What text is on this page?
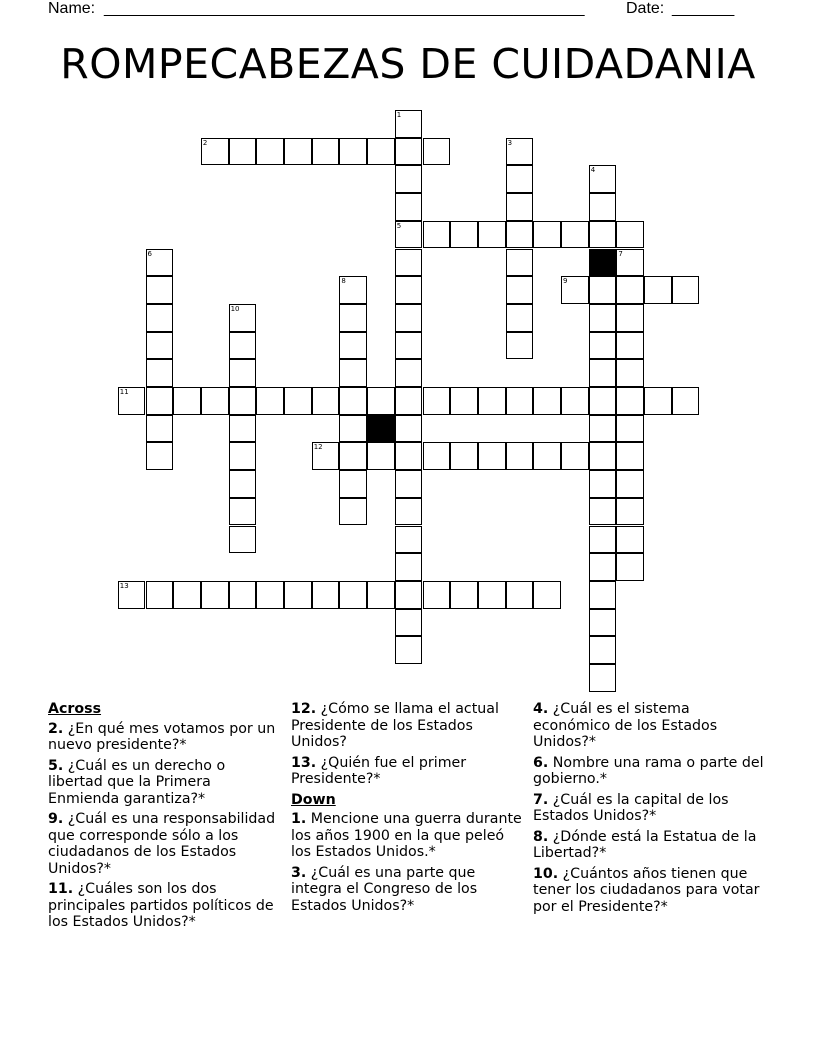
Name: ______________________________________________________	Date: _______
ROMPECABEZAS DE CUIDADANIA
1
5
2	3
4
6	7
8	9
10
11
12
13

Across

2. ¿En qué mes votamos por un nuevo presidente?*

5. ¿Cuál es un derecho o libertad que la Primera Enmienda garantiza?*

9. ¿Cuál es una responsabilidad que corresponde sólo a los ciudadanos de los Estados Unidos?*

11. ¿Cuáles son los dos principales partidos políticos de los Estados Unidos?*

12. ¿Cómo se llama el actual Presidente de los Estados Unidos?

13. ¿Quién fue el primer Presidente?*

Down

1. Mencione una guerra durante los años 1900 en la que peleó los Estados Unidos.*

3. ¿Cuál es una parte que integra el Congreso de los Estados Unidos?*

4. ¿Cuál es el sistema económico de los Estados Unidos?*

6. Nombre una rama o parte del gobierno.*

7. ¿Cuál es la capital de los Estados Unidos?*

8. ¿Dónde está la Estatua de la Libertad?*

10. ¿Cuántos años tienen que tener los ciudadanos para votar por el Presidente?*
